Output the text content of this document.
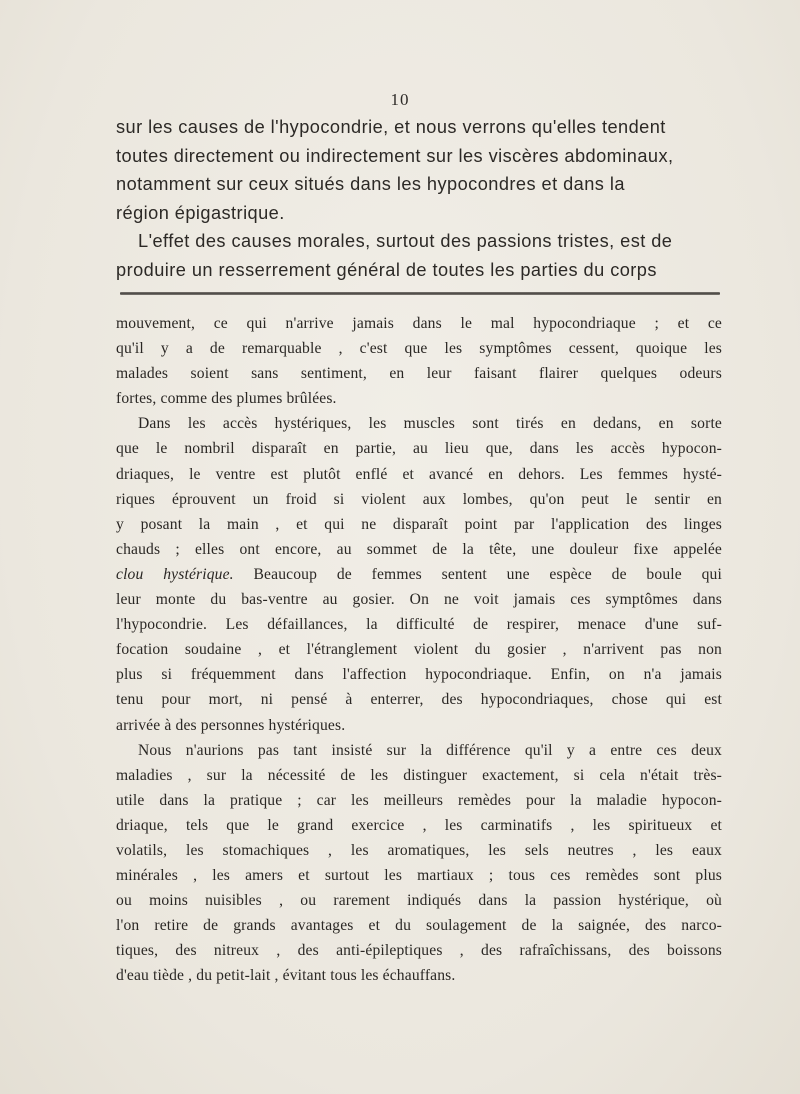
10

sur les causes de l'hypocondrie, et nous verrons qu'elles tendent

toutes directement ou indirectement sur les viscères abdominaux,

notamment sur ceux situés dans les hypocondres et dans la

région épigastrique.

L'effet des causes morales, surtout des passions tristes, est de

produire un resserrement général de toutes les parties du corps

mouvement, ce qui n'arrive jamais dans le mal hypocondriaque ; et ce
qu'il y a de remarquable , c'est que les symptômes cessent, quoique les
malades soient sans sentiment, en leur faisant flairer quelques odeurs
fortes, comme des plumes brûlées.
Dans les accès hystériques, les muscles sont tirés en dedans, en sorte
que le nombril disparaît en partie, au lieu que, dans les accès hypocon-
driaques, le ventre est plutôt enflé et avancé en dehors. Les femmes hysté-
riques éprouvent un froid si violent aux lombes, qu'on peut le sentir en
y posant la main , et qui ne disparaît point par l'application des linges
chauds ; elles ont encore, au sommet de la tête, une douleur fixe appelée
clou hystérique. Beaucoup de femmes sentent une espèce de boule qui
leur monte du bas-ventre au gosier. On ne voit jamais ces symptômes dans
l'hypocondrie. Les défaillances, la difficulté de respirer, menace d'une suf-
focation soudaine , et l'étranglement violent du gosier , n'arrivent pas non
plus si fréquemment dans l'affection hypocondriaque. Enfin, on n'a jamais
tenu pour mort, ni pensé à enterrer, des hypocondriaques, chose qui est
arrivée à des personnes hystériques.
Nous n'aurions pas tant insisté sur la différence qu'il y a entre ces deux
maladies , sur la nécessité de les distinguer exactement, si cela n'était très-
utile dans la pratique ; car les meilleurs remèdes pour la maladie hypocon-
driaque, tels que le grand exercice , les carminatifs , les spiritueux et
volatils, les stomachiques , les aromatiques, les sels neutres , les eaux
minérales , les amers et surtout les martiaux ; tous ces remèdes sont plus
ou moins nuisibles , ou rarement indiqués dans la passion hystérique, où
l'on retire de grands avantages et du soulagement de la saignée, des narco-
tiques, des nitreux , des anti-épileptiques , des rafraîchissans, des boissons
d'eau tiède , du petit-lait , évitant tous les échauffans.
